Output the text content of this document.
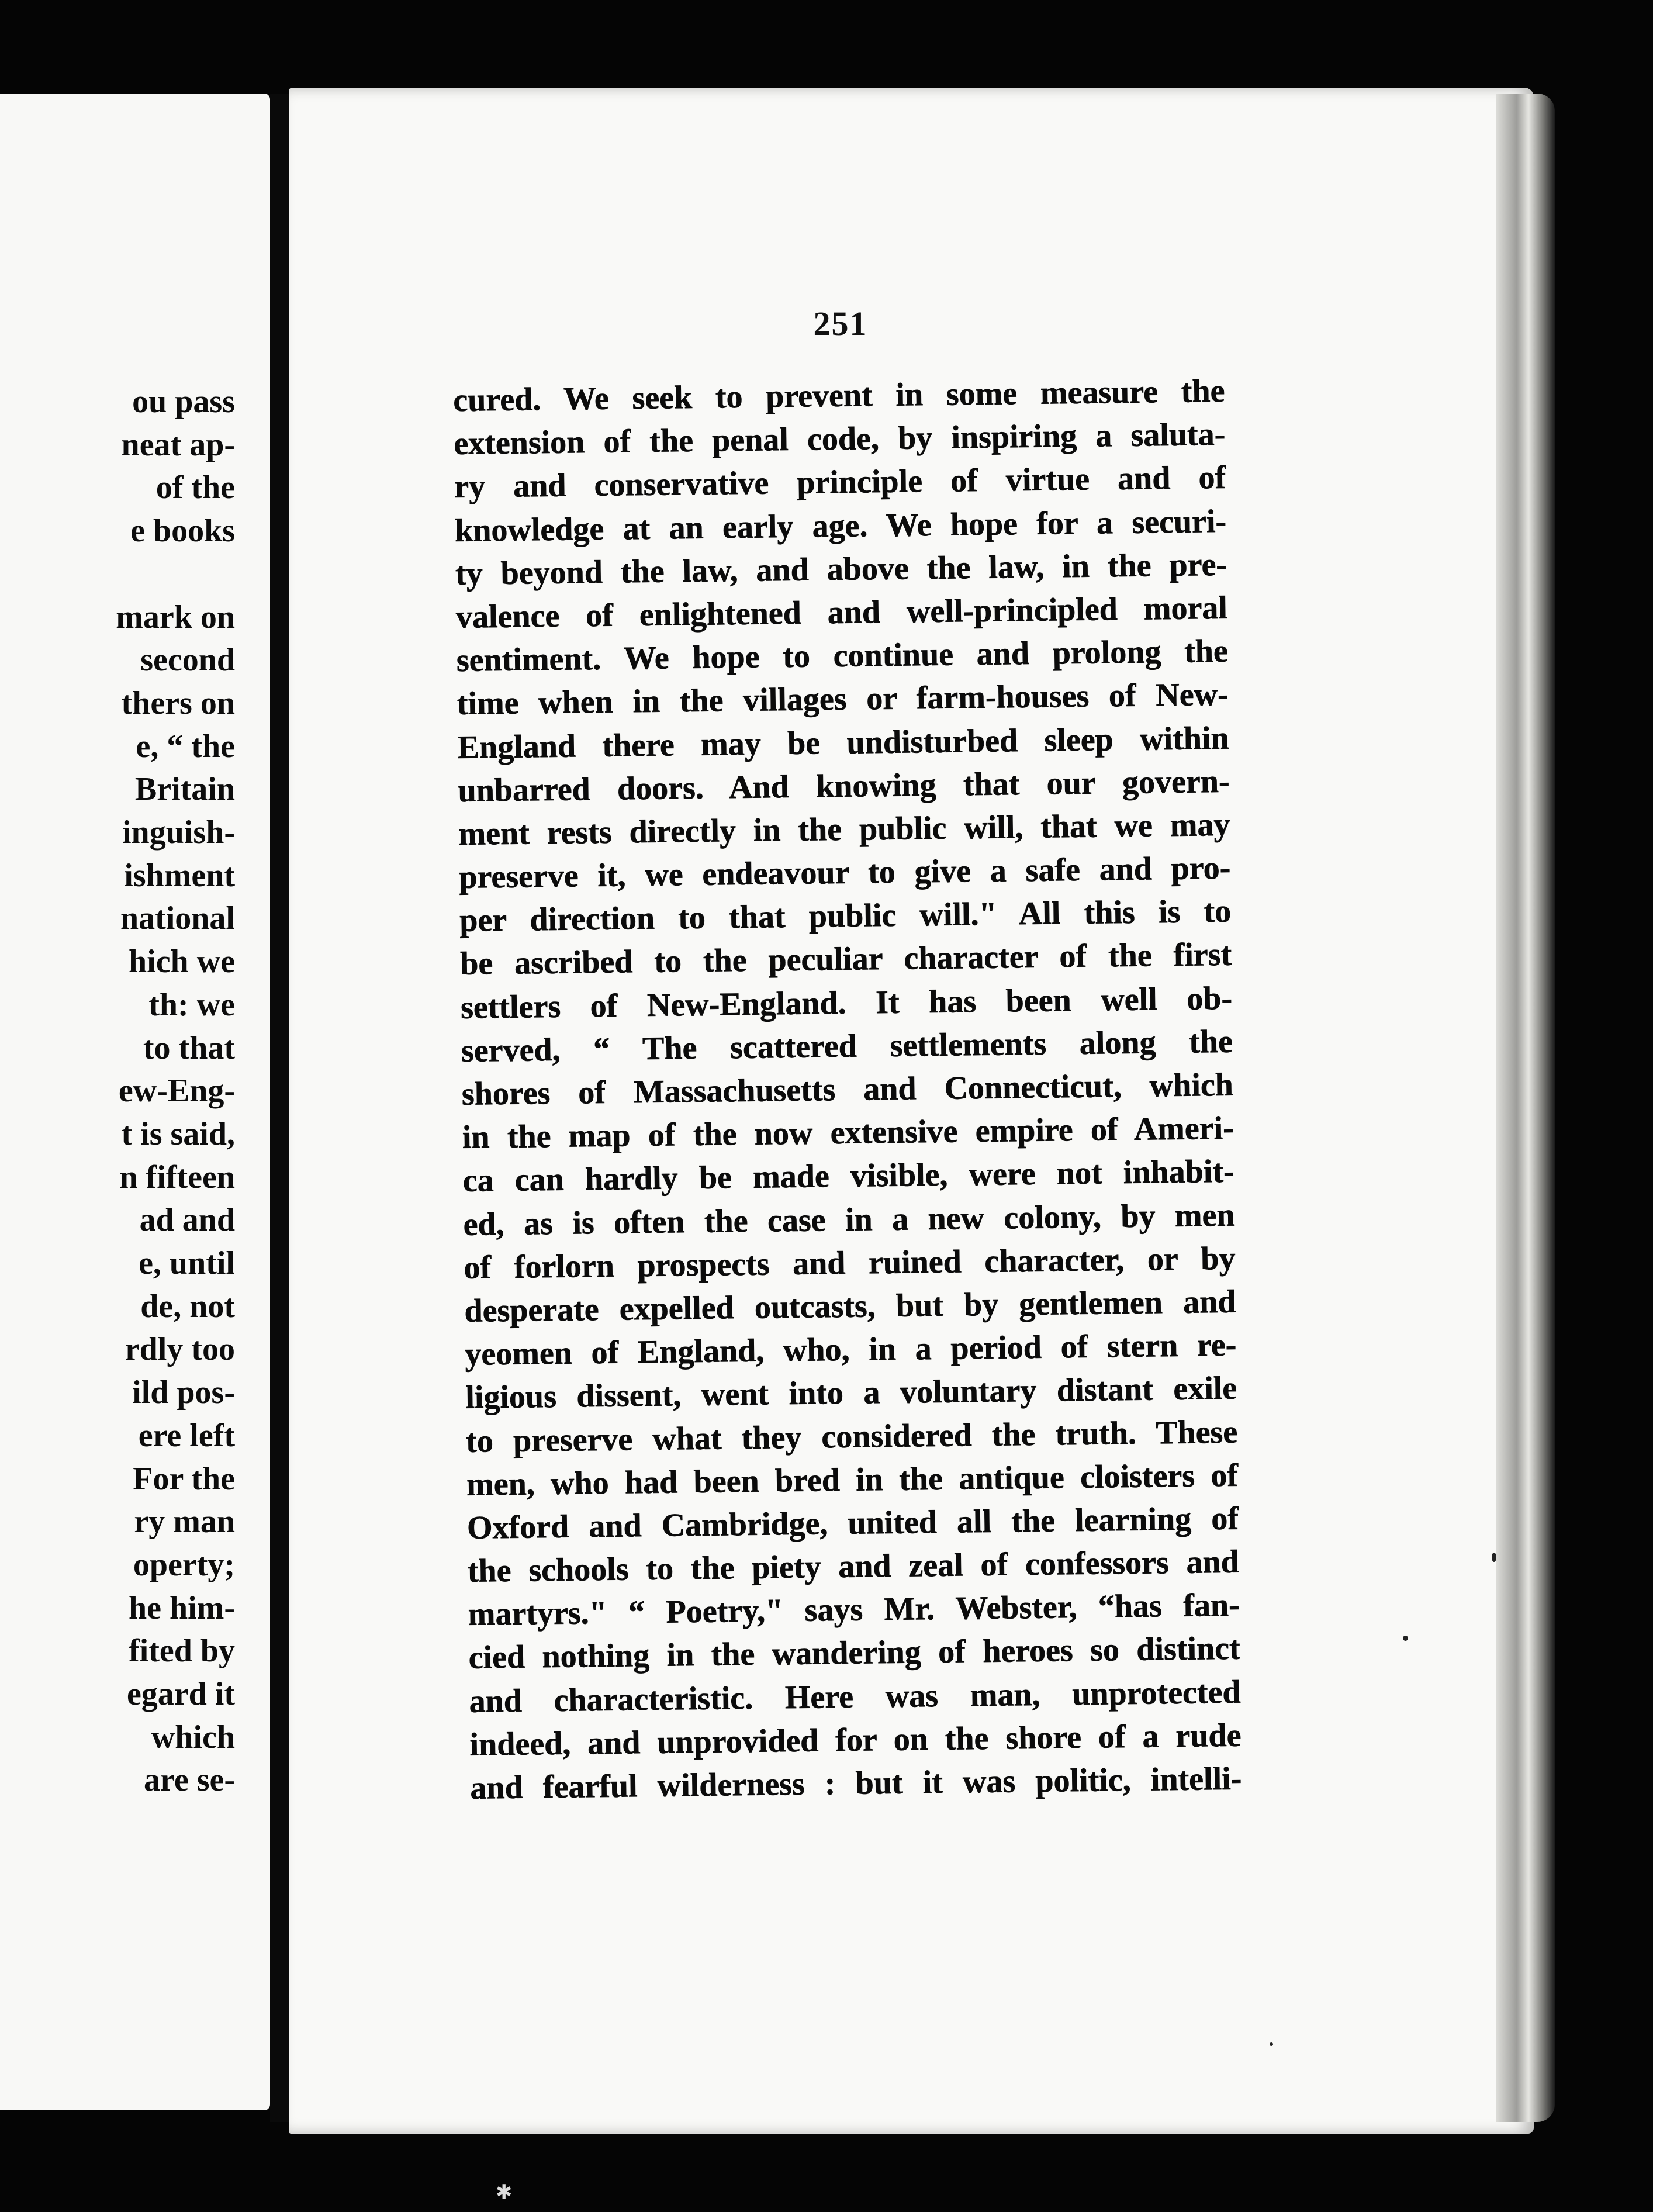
ou pass
neat ap-
of the
e books
mark on
second
thers on
e, “ the
Britain
inguish-
ishment
national
hich we
th: we
to that
ew-Eng-
t is said,
n fifteen
ad and
e, until
de, not
rdly too
ild pos-
ere left
For the
ry man
operty;
he him-
fited by
egard it
which
are se-
251
cured. We seek to prevent in some measure the
extension of the penal code, by inspiring a saluta-
ry and conservative principle of virtue and of
knowledge at an early age. We hope for a securi-
ty beyond the law, and above the law, in the pre-
valence of enlightened and well-principled moral
sentiment. We hope to continue and prolong the
time when in the villages or farm-houses of New-
England there may be undisturbed sleep within
unbarred doors. And knowing that our govern-
ment rests directly in the public will, that we may
preserve it, we endeavour to give a safe and pro-
per direction to that public will." All this is to
be ascribed to the peculiar character of the first
settlers of New-England. It has been well ob-
served, “ The scattered settlements along the
shores of Massachusetts and Connecticut, which
in the map of the now extensive empire of Ameri-
ca can hardly be made visible, were not inhabit-
ed, as is often the case in a new colony, by men
of forlorn prospects and ruined character, or by
desperate expelled outcasts, but by gentlemen and
yeomen of England, who, in a period of stern re-
ligious dissent, went into a voluntary distant exile
to preserve what they considered the truth. These
men, who had been bred in the antique cloisters of
Oxford and Cambridge, united all the learning of
the schools to the piety and zeal of confessors and
martyrs." “ Poetry," says Mr. Webster, “has fan-
cied nothing in the wandering of heroes so distinct
and characteristic. Here was man, unprotected
indeed, and unprovided for on the shore of a rude
and fearful wilderness : but it was politic, intelli-
✱
